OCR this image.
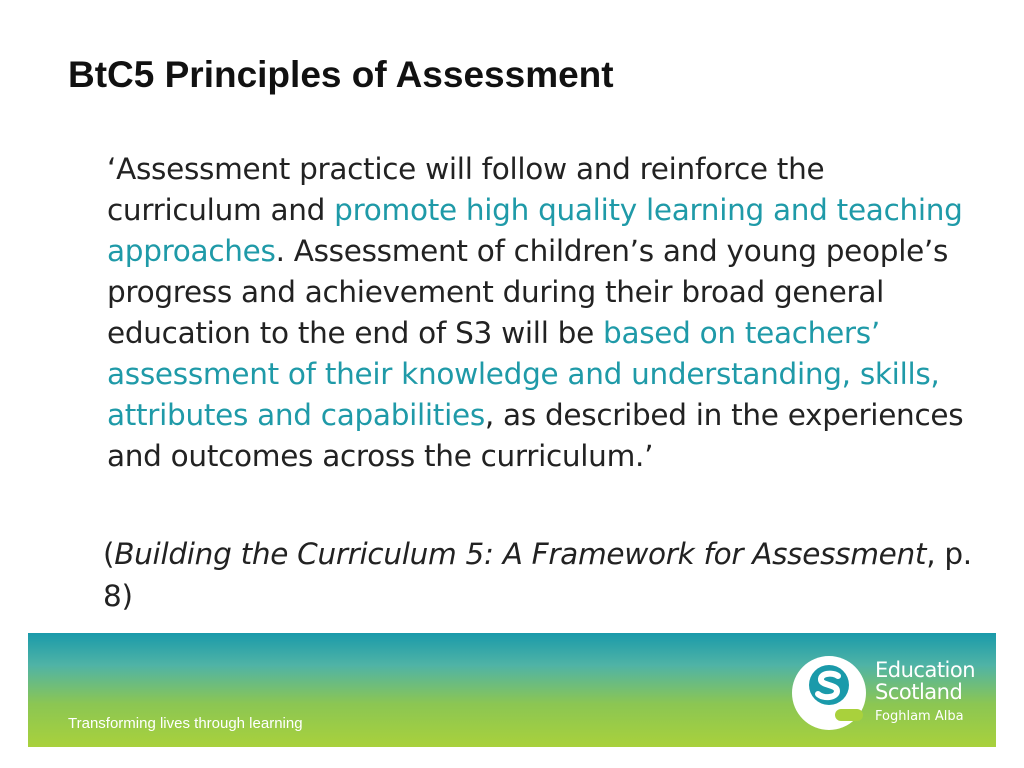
BtC5 Principles of Assessment

‘Assessment practice will follow and reinforce the curriculum and promote high quality learning and teaching approaches. Assessment of children’s and young people’s progress and achievement during their broad general education to the end of S3 will be based on teachers’ assessment of their knowledge and understanding, skills, attributes and capabilities, as described in the experiences and outcomes across the curriculum.’

(Building the Curriculum 5: A Framework for Assessment, p. 8)

Transforming lives through learning
Education
Scotland
Foghlam Alba
